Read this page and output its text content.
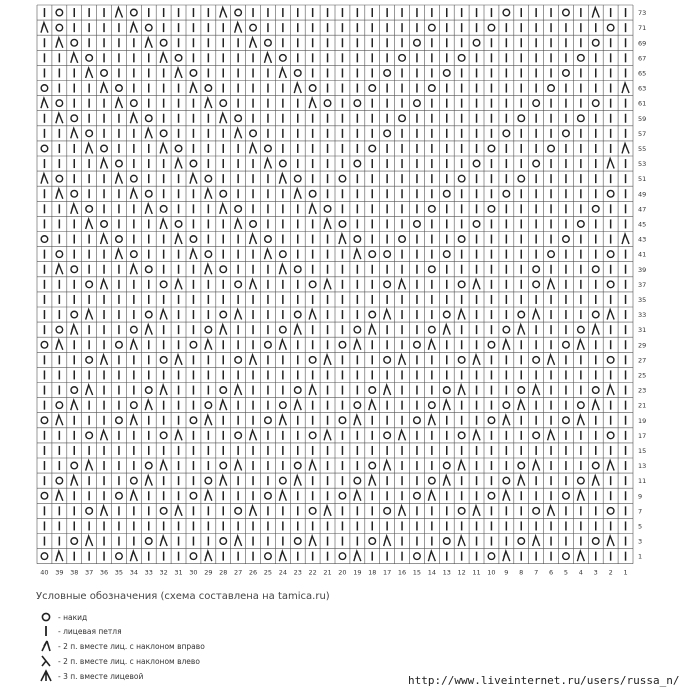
40 39 38 37 36 35 34 33 32 31 30 29 28 27 26 25 24 23 22 21 20 19 18 17 16 15 14 13 12 11 10 9 8 7 6 5 4 3 2 1
73
71
69
67
65
63
61
59
57
55
53
51
49
47
45
43
41
39
37
35
33
31
29
27
25
23
21
19
17
15
13
11
9
7
5
3
1
Условные обозначения (схема составлена на tamica.ru)
- накид
- лицевая петля
- 2 п. вместе лиц. с наклоном вправо
- 2 п. вместе лиц. с наклоном влево
- 3 п. вместе лицевой	http://www.liveinternet.ru/users/russa_n/
